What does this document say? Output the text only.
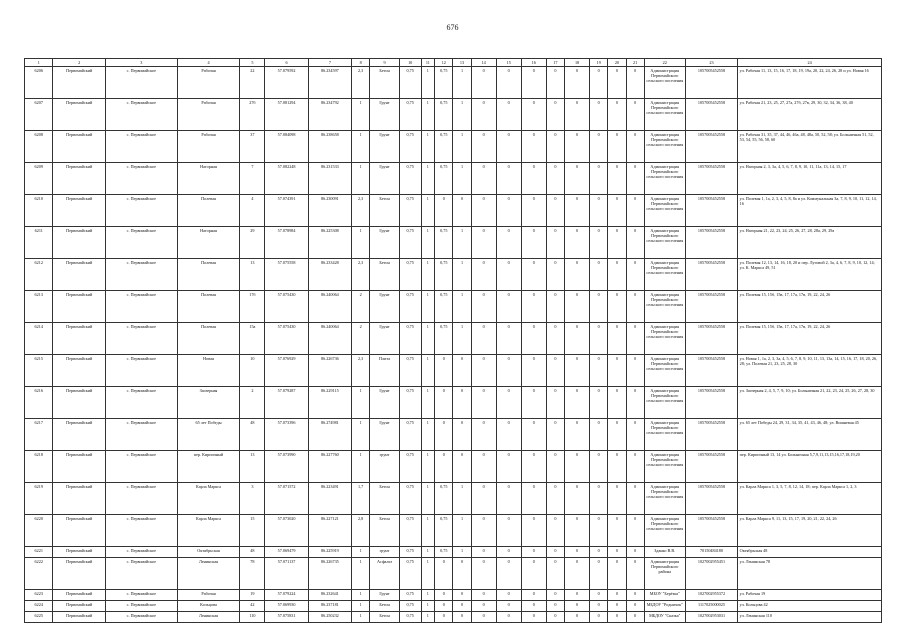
676
1	2	3	4	5	6	7	8	9	10	11	12	13	14	15	16	17	18	19	20	21	22	23	24
6206	Первомайский	с. Первомайское	Рабочая	22	57.079592	86.234597	2,3	Бетон	0,75	1	0,75	1	0	0	0	0	0	0	0	0	Администрация Первомайского сельского поселения	1057005452558	ул. Рабочая 11, 13, 15, 16, 17, 18, 19, 19а, 20, 22, 24, 26, 28 и ул. Новая 16
6207	Первомайский	с. Первомайское	Рабочая	27б	57.081294	86.234792	1	Грунт	0,75	1	0,75	1	0	0	0	0	0	0	0	0	Администрация Первомайского сельского поселения	1057005452558	ул. Рабочая 21, 23, 25, 27, 27а, 27б, 27в, 29, 30, 32, 34, 36, 38, 40
6208	Первомайский	с. Первомайское	Рабочая	37	57.084098	86.238658	1	Грунт	0,75	1	0,75	1	0	0	0	0	0	0	0	0	Администрация Первомайского сельского поселения	1057005452558	ул. Рабочая 31, 35, 37, 44, 46, 46а, 48, 48а, 50, 52, 58; ул. Больничная 51, 52, 53, 54, 55, 56, 58, 60
6209	Первомайский	с. Первомайское	Нагорная	7	57.082248	86.231533	1	Грунт	0,75	1	0,75	1	0	0	0	0	0	0	0	0	Администрация Первомайского сельского поселения	1057005452558	ул. Нагорная 2, 3, 3а, 4, 5, 6, 7, 8, 9, 10, 11, 11а, 13, 14, 15, 17
6210	Первомайский	с. Первомайское	Полевая	4	57.074391	86.230091	2,3	Бетон	0,75	1	0	0	0	0	0	0	0	0	0	0	Администрация Первомайского сельского поселения	1057005452558	ул. Полевая 1, 1а, 2, 3, 4, 5, 8, 8а и ул. Коммунальная 3а, 7, 8, 9, 10, 11, 12, 14, 16
6211	Первомайский	с. Первомайское	Нагорная	29	57.078984	86.225308	1	Грунт	0,75	1	0,75	1	0	0	0	0	0	0	0	0	Администрация Первомайского сельского поселения	1057005452558	ул. Нагорная 21, 22, 23, 24, 25, 26, 27, 28, 28а, 29, 29а
6212	Первомайский	с. Первомайское	Полевая	13	57.075558	86.233428	2,3	Бетон	0,75	1	0,75	1	0	0	0	0	0	0	0	0	Администрация Первомайского сельского поселения	1057005452558	ул. Полевая 12, 13, 14, 16, 18, 20 и пер. Луговой 2, 3а, 4, 6, 7, 8, 9, 10, 12, 14; ул. К. Маркса 49, 51
6213	Первомайский	с. Первомайское	Полевая	17б	57.075430	86.240064	2	Грунт	0,75	1	0,75	1	0	0	0	0	0	0	0	0	Администрация Первомайского сельского поселения	1057005452558	ул. Полевая 15, 15б, 15в, 17, 17а, 17в, 19, 22, 24, 26
6214	Первомайский	с. Первомайское	Полевая	15а	57.075430	86.240064	2	Грунт	0,75	1	0,75	1	0	0	0	0	0	0	0	0	Администрация Первомайского сельского поселения	1057005452558	ул. Полевая 15, 15б, 15в, 17, 17а, 17в, 19, 22, 24, 26
6215	Первомайский	с. Первомайское	Новая	10	57.076929	86.226736	2,3	Плита	0,75	1	0	0	0	0	0	0	0	0	0	0	Администрация Первомайского сельского поселения	1057005452558	ул. Новая 1, 1а, 2, 3, 3а, 4, 5, 6, 7, 8, 9, 10, 11, 13, 13а, 14, 15, 16, 17, 18, 20, 26, 28; ул. Полевая 21, 23, 25, 28, 30
6216	Первомайский	с. Первомайское	Заозерная	2	57.079287	86.229115	1	Грунт	0,75	1	0	0	0	0	0	0	0	0	0	0	Администрация Первомайского сельского поселения	1057005452558	ул. Заозерная 2, 4, 5, 7, 9, 10; ул. Больничная 21, 22, 23, 24, 25, 26, 27, 28, 30
6217	Первомайский	с. Первомайское	65 лет Победы	48	57.073396	86.274981	1	Грунт	0,75	1	0	0	0	0	0	0	0	0	0	0	Администрация Первомайского сельского поселения	1057005452558	ул. 65 лет Победы 24, 29, 31, 34, 35, 41, 43, 46, 48; ул. Вишневая 45
6218	Первомайский	с. Первомайское	пер. Кирпичный	13	57.073990	86.227760	1	грунт	0,75	1	0	0	0	0	0	0	0	0	0	0	Администрация Первомайского сельского поселения	1057005452558	пер. Кирпичный 13, 14 ул. Больничная 5,7,9,11,13,15,16,17,18,19,20
6219	Первомайский	с. Первомайское	Карла Маркса	3	57.071572	86.223491	1,7	Бетон	0,75	1	0,75	1	0	0	0	0	0	0	0	0	Администрация Первомайского сельского поселения	1057005452558	ул. Карла Маркса 1, 3, 5, 7, 8, 12, 14, 18; пер. Карла Маркса 1, 2, 3
6220	Первомайский	с. Первомайское	Карла Маркса	15	57.073020	86.227121	2,8	Бетон	0,75	1	0,75	1	0	0	0	0	0	0	0	0	Администрация Первомайского сельского поселения	1057005452558	ул. Карла Маркса 9, 11, 13, 15, 17, 19, 20, 21, 22, 24, 26
6221	Первомайский	с. Первомайское	Октябрьская	48	57.069479	86.225919	1	грунт	0,75	1	0,75	1	0	0	0	0	0	0	0	0	Зданко В.В.	70150484180	Октябрьская 48
6222	Первомайский	с. Первомайское	Ленинская	78	57.071137	86.226735	1	Асфальт	0,75	1	0	0	0	0	0	0	0	0	0	0	Администрация Первомайского района	1027002955451	ул. Ленинская 78
6223	Первомайский	с. Первомайское	Рабочая	19	57.079224	86.232641	1	Грунт	0,75	1	0	0	0	0	0	0	0	0	0	0	МБОУ "Берёзка"	1027002955372	ул. Рабочая 19
6224	Первомайский	с. Первомайское	Кольцова	42	57.069930	86.237181	1	Бетон	0,75	1	0	0	0	0	0	0	0	0	0	0	МБДОУ "Родничок"	1117025000025	ул. Кольцова 42
6225	Первомайский	с. Первомайское	Ленинская	110	57.075831	86.250232	1	Бетон	0,75	1	0	0	0	0	0	0	0	0	0	0	МБДОУ "Сказка"	1027002953031	ул. Ленинская 110
